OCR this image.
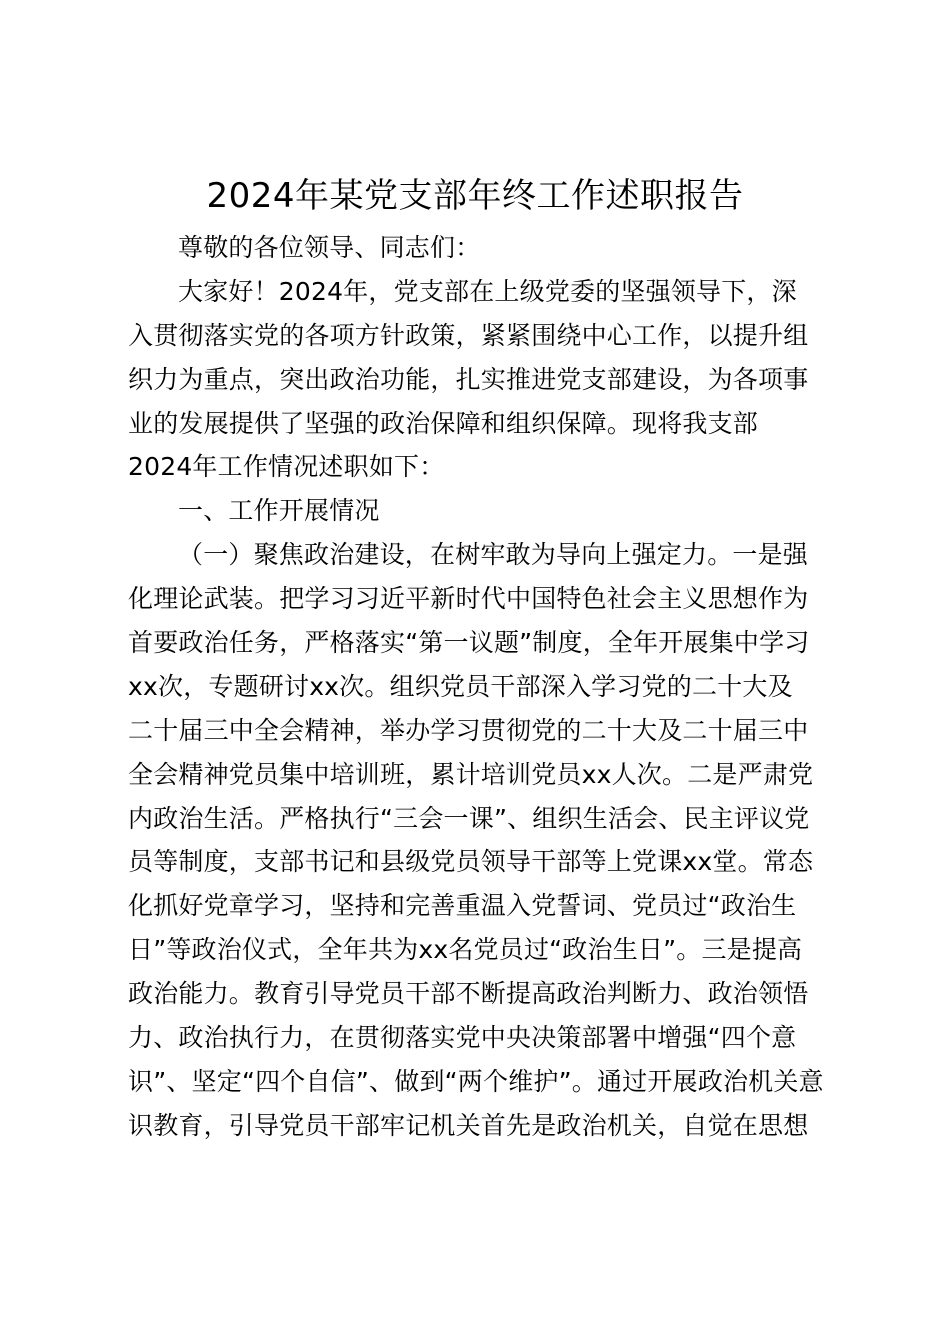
2024年某党支部年终工作述职报告
尊敬的各位领导、同志们：
大家好！2024年，党支部在上级党委的坚强领导下，深
入贯彻落实党的各项方针政策，紧紧围绕中心工作，以提升组
织力为重点，突出政治功能，扎实推进党支部建设，为各项事
业的发展提供了坚强的政治保障和组织保障。现将我支部
2024年工作情况述职如下：
一、工作开展情况
（一）聚焦政治建设，在树牢敢为导向上强定力。一是强
化理论武装。把学习习近平新时代中国特色社会主义思想作为
首要政治任务，严格落实“第一议题”制度，全年开展集中学习
xx次，专题研讨xx次。组织党员干部深入学习党的二十大及
二十届三中全会精神，举办学习贯彻党的二十大及二十届三中
全会精神党员集中培训班，累计培训党员xx人次。二是严肃党
内政治生活。严格执行“三会一课”、组织生活会、民主评议党
员等制度，支部书记和县级党员领导干部等上党课xx堂。常态
化抓好党章学习，坚持和完善重温入党誓词、党员过“政治生
日”等政治仪式，全年共为xx名党员过“政治生日”。三是提高
政治能力。教育引导党员干部不断提高政治判断力、政治领悟
力、政治执行力，在贯彻落实党中央决策部署中增强“四个意
识”、坚定“四个自信”、做到“两个维护”。通过开展政治机关意
识教育，引导党员干部牢记机关首先是政治机关，自觉在思想
